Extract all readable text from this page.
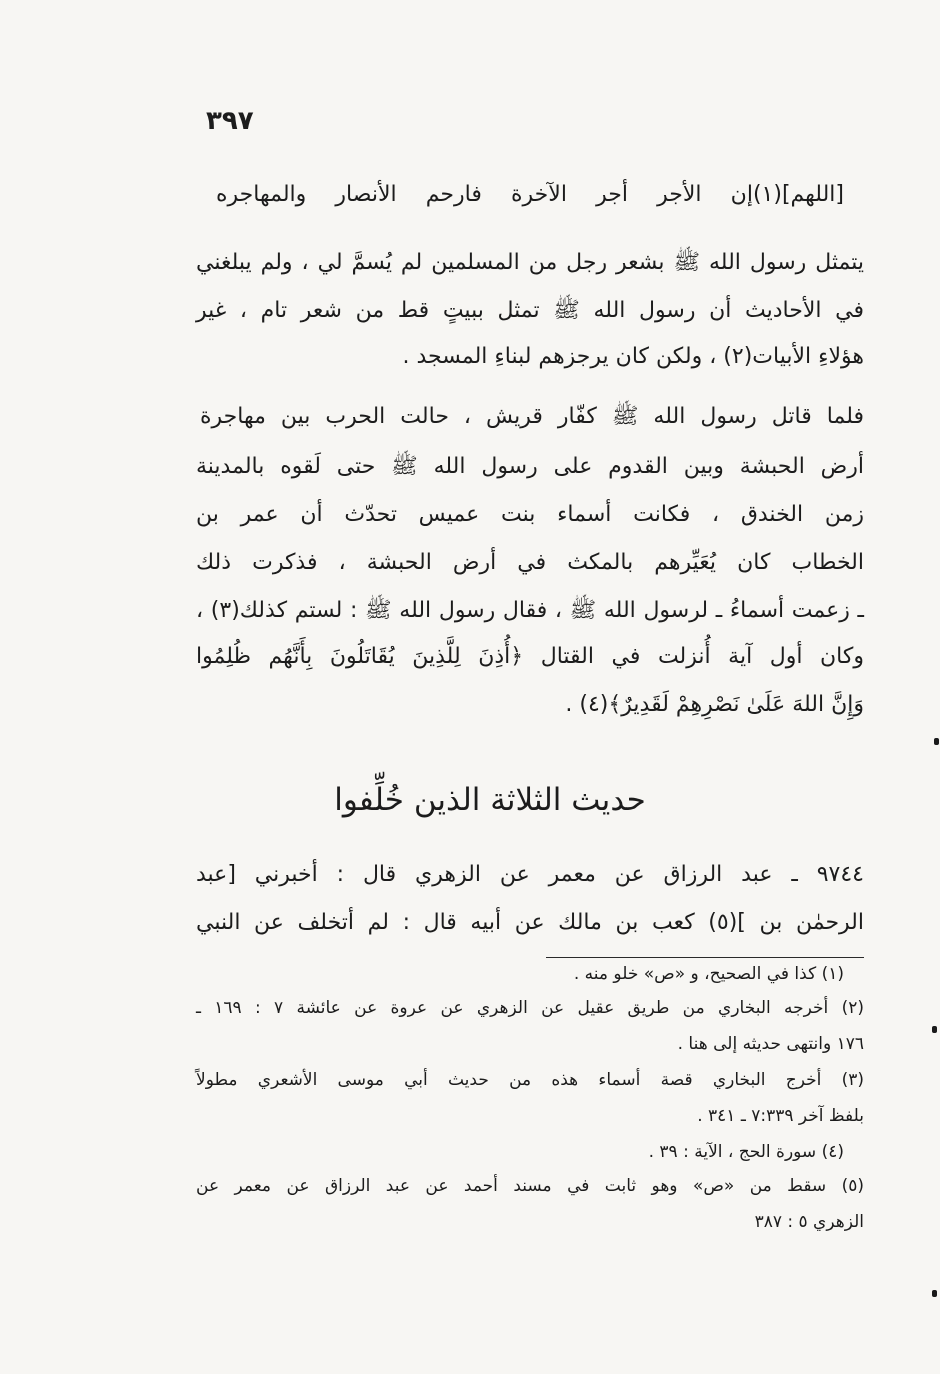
٣٩٧
[اللهم](١)إن الأجر أجر الآخرة فارحم الأنصار والمهاجره
يتمثل رسول الله ﷺ بشعر رجل من المسلمين لم يُسمَّ لي ، ولم يبلغني
في الأحاديث أن رسول الله ﷺ تمثل ببيتٍ قط من شعر تام ، غير
هؤلاءِ الأبيات(٢) ، ولكن كان يرجزهم لبناءِ المسجد .
فلما قاتل رسول الله ﷺ كفّار قريش ، حالت الحرب بين مهاجرة
أرض الحبشة وبين القدوم على رسول الله ﷺ حتى لَقوه بالمدينة
زمن الخندق ، فكانت أسماء بنت عميس تحدّث أن عمر بن
الخطاب كان يُعَيِّرهم بالمكث في أرض الحبشة ، فذكرت ذلك
ـ زعمت أسماءُ ـ لرسول الله ﷺ ، فقال رسول الله ﷺ : لستم كذلك(٣) ،
وكان أول آية أُنزلت في القتال ﴿أُذِنَ لِلَّذِينَ يُقَاتَلُونَ بِأَنَّهُم ظُلِمُوا
وَإِنَّ اللهَ عَلَىٰ نَصْرِهِمْ لَقَدِيرٌ﴾(٤) .
حديث الثلاثة الذين خُلِّفوا
٩٧٤٤ ـ عبد الرزاق عن معمر عن الزهري قال : أخبرني [عبد
الرحمٰن بن ](٥) كعب بن مالك عن أبيه قال : لم أتخلف عن النبي
(١) كذا في الصحيح، و «ص» خلو منه .
(٢) أخرجه البخاري من طريق عقيل عن الزهري عن عروة عن عائشة ٧ : ١٦٩ ـ
١٧٦ وانتهى حديثه إلى هنا .
(٣) أخرج البخاري قصة أسماء هذه من حديث أبي موسى الأشعري مطولاً
بلفظ آخر ٧:٣٣٩ ـ ٣٤١ .
(٤) سورة الحج ، الآية : ٣٩ .
(٥) سقط من «ص» وهو ثابت في مسند أحمد عن عبد الرزاق عن معمر عن
الزهري ٥ : ٣٨٧
